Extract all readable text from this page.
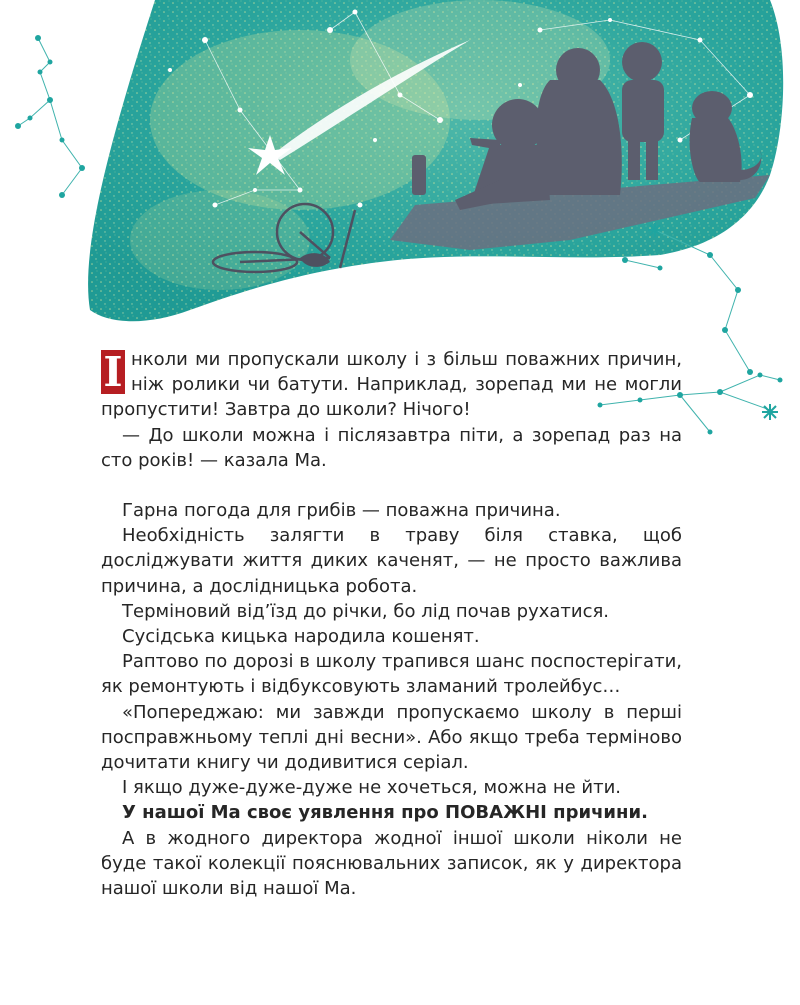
І нколи ми пропускали школу і з більш поважних причин, ніж ролики чи батути. Наприклад, зорепад ми не могли пропустити! Завтра до школи? Нічого!

— До школи можна і післязавтра піти, а зорепад раз на сто років! — казала Ма.

Гарна погода для грибів — поважна причина.

Необхідність залягти в траву біля ставка, щоб досліджувати життя диких каченят, — не просто важлива причина, а дослідницька робота.

Терміновий від’їзд до річки, бо лід почав рухатися.

Сусідська кицька народила кошенят.

Раптово по дорозі в школу трапився шанс поспостерігати, як ремонтують і відбуксовують зламаний тролейбус…

«Попереджаю: ми завжди пропускаємо школу в перші посправжньому теплі дні весни». Або якщо треба терміново дочитати книгу чи додивитися серіал.

І якщо дуже-дуже-дуже не хочеться, можна не йти.

У нашої Ма своє уявлення про ПОВАЖНІ причини.

А в жодного директора жодної іншої школи ніколи не буде такої колекції пояснювальних записок, як у директора нашої школи від нашої Ма.
